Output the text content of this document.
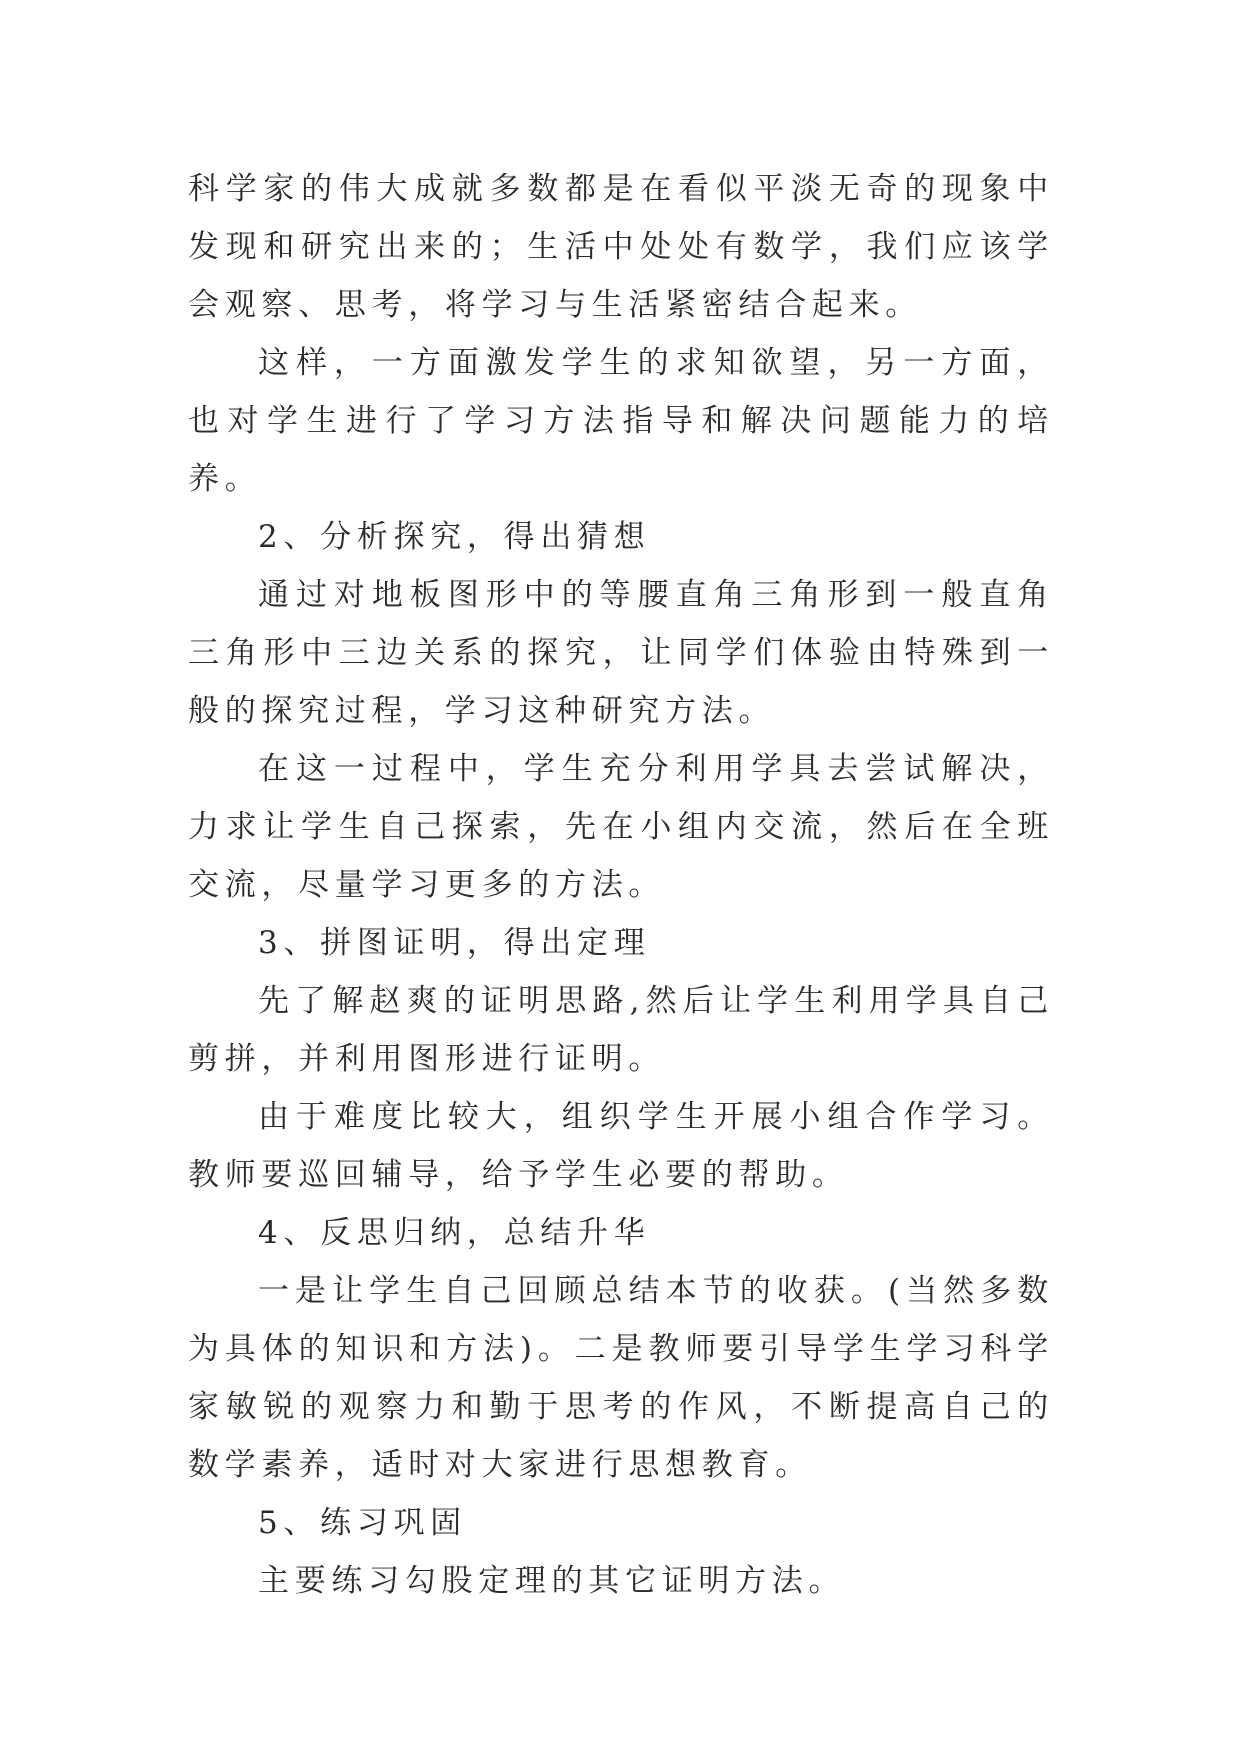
科学家的伟大成就多数都是在看似平淡无奇的现象中发现和研究出来的；生活中处处有数学，我们应该学会观察、思考，将学习与生活紧密结合起来。

这样，一方面激发学生的求知欲望，另一方面，也对学生进行了学习方法指导和解决问题能力的培养。

2、分析探究，得出猜想

通过对地板图形中的等腰直角三角形到一般直角三角形中三边关系的探究，让同学们体验由特殊到一般的探究过程，学习这种研究方法。

在这一过程中，学生充分利用学具去尝试解决，力求让学生自己探索，先在小组内交流，然后在全班交流，尽量学习更多的方法。

3、拼图证明，得出定理

先了解赵爽的证明思路,然后让学生利用学具自己剪拼，并利用图形进行证明。

由于难度比较大，组织学生开展小组合作学习。教师要巡回辅导，给予学生必要的帮助。

4、反思归纳，总结升华

一是让学生自己回顾总结本节的收获。(当然多数为具体的知识和方法)。二是教师要引导学生学习科学家敏锐的观察力和勤于思考的作风，不断提高自己的数学素养，适时对大家进行思想教育。

5、练习巩固

主要练习勾股定理的其它证明方法。
